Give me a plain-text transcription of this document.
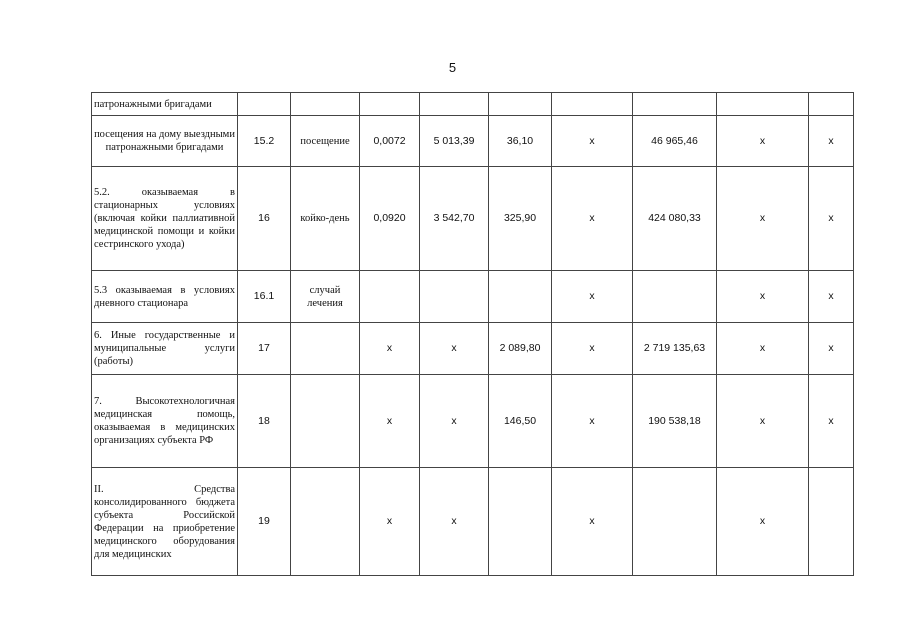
5
патронажными бригадами									
посещения на дому выездными патронажными бригадами	15.2	посещение	0,0072	5 013,39	36,10	x	46 965,46	x	x
5.2. оказываемая в стационарных условиях (включая койки паллиативной медицинской помощи и койки сестринского ухода)	16	койко-день	0,0920	3 542,70	325,90	x	424 080,33	x	x
5.3 оказываемая в условиях дневного стационара	16.1	случай лечения				x		x	x
6. Иные государственные и муниципальные услуги (работы)	17		x	x	2 089,80	x	2 719 135,63	x	x
7. Высокотехнологичная медицинская помощь, оказываемая в медицинских организациях субъекта РФ	18		x	x	146,50	x	190 538,18	x	x
II. Средства консолидированного бюджета субъекта Российской Федерации на приобретение медицинского оборудования для медицинских	19		x	x		x		x	
